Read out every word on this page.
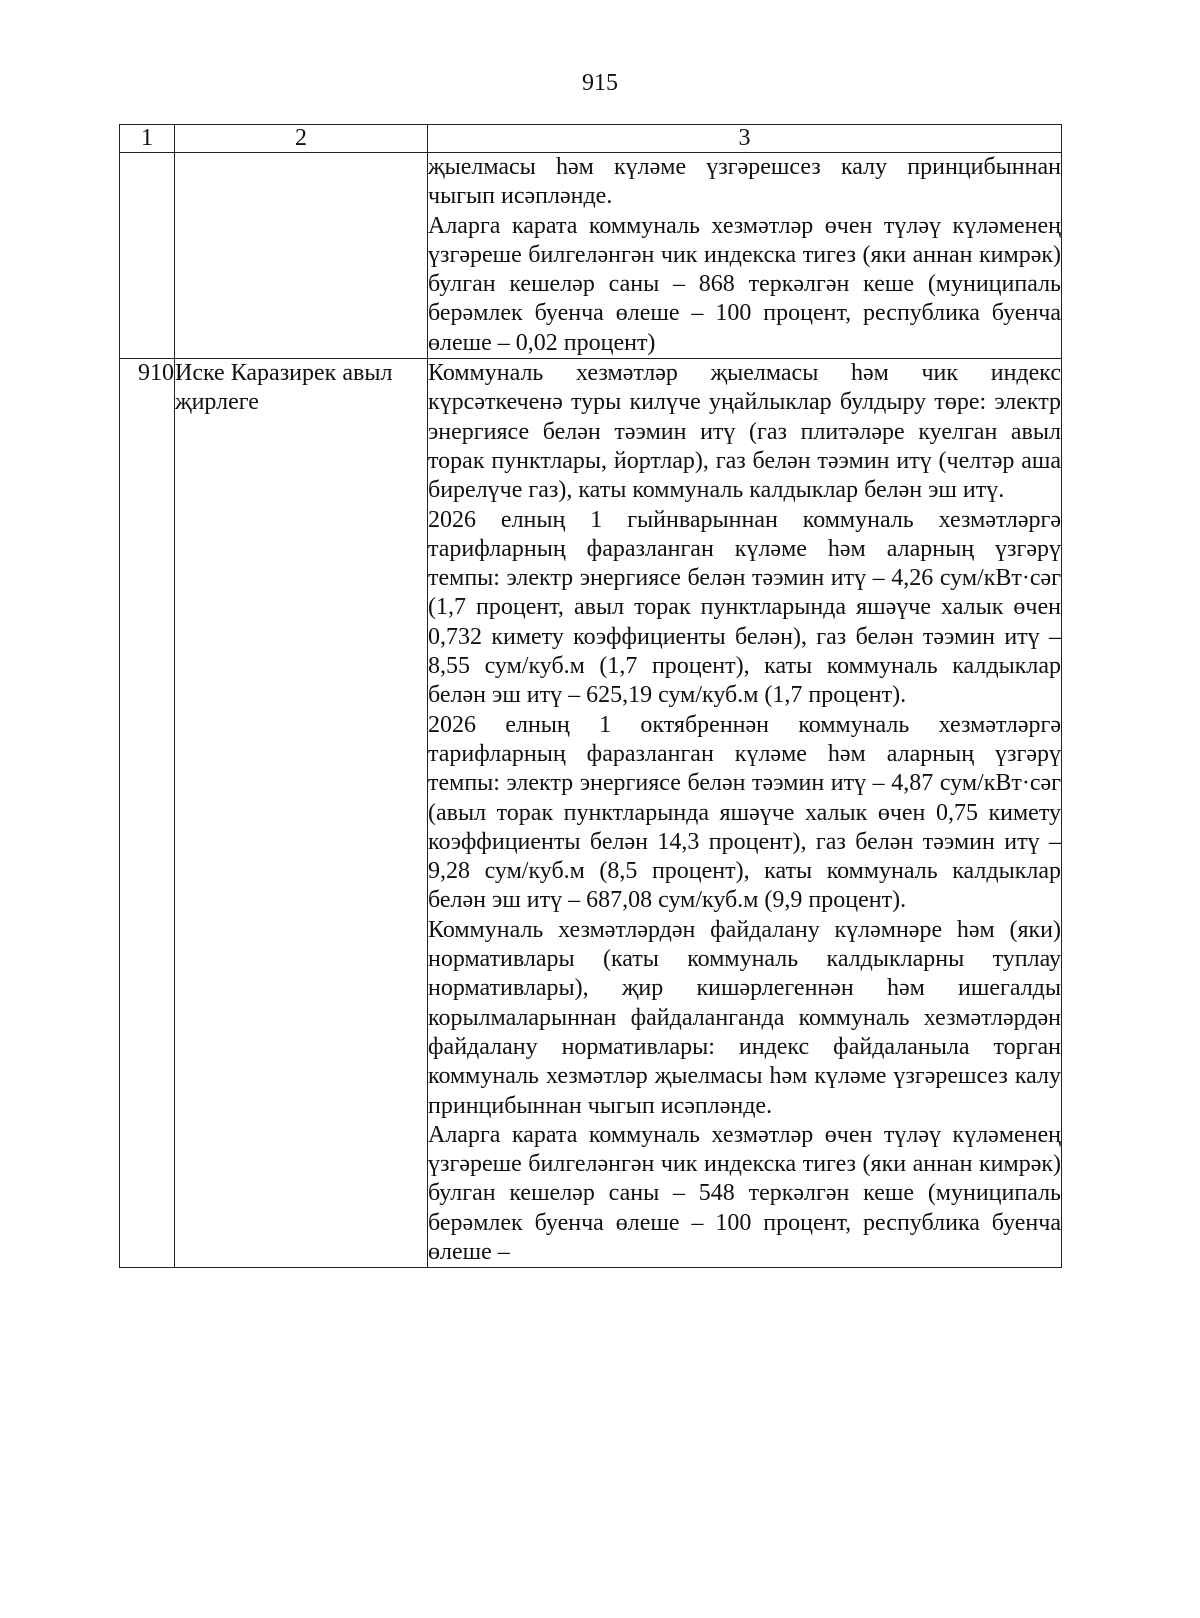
915
1	2	3

		җыелмасы һәм күләме үзгәрешсез калу принцибыннан чыгып исәпләнде.

Аларга карата коммуналь хезмәтләр өчен түләү күләменең үзгәреше билгеләнгән чик индекска тигез (яки аннан кимрәк) булган кешеләр саны – 868 теркәлгән кеше (муниципаль берәмлек буенча өлеше – 100 процент, республика буенча өлеше – 0,02 процент)

910	Иске Каразирек авыл җирлеге	Коммуналь хезмәтләр җыелмасы һәм чик индекс күрсәткеченә туры килүче уңайлыклар булдыру төре: электр энергиясе белән тәэмин итү (газ плитәләре куелган авыл торак пунктлары, йортлар), газ белән тәэмин итү (челтәр аша бирелүче газ), каты коммуналь калдыклар белән эш итү.

2026 елның 1 гыйнварыннан коммуналь хезмәтләргә тарифларның фаразланган күләме һәм аларның үзгәрү темпы: электр энергиясе белән тәэмин итү – 4,26 сум/кВт·сәг (1,7 процент, авыл торак пунктларында яшәүче халык өчен 0,732 кимету коэффициенты белән), газ белән тәэмин итү – 8,55 сум/куб.м (1,7 процент), каты коммуналь калдыклар белән эш итү – 625,19 сум/куб.м (1,7 процент).

2026 елның 1 октябреннән коммуналь хезмәтләргә тарифларның фаразланган күләме һәм аларның үзгәрү темпы: электр энергиясе белән тәэмин итү – 4,87 сум/кВт·сәг (авыл торак пунктларында яшәүче халык өчен 0,75 кимету коэффициенты белән 14,3 процент), газ белән тәэмин итү – 9,28 сум/куб.м (8,5 процент), каты коммуналь калдыклар белән эш итү – 687,08 сум/куб.м (9,9 процент).

Коммуналь хезмәтләрдән файдалану күләмнәре һәм (яки) нормативлары (каты коммуналь калдыкларны туплау нормативлары), җир кишәрлегеннән һәм ишегалды корылмаларыннан файдаланганда коммуналь хезмәтләрдән файдалану нормативлары: индекс файдаланыла торган коммуналь хезмәтләр җыелмасы һәм күләме үзгәрешсез калу принцибыннан чыгып исәпләнде.

Аларга карата коммуналь хезмәтләр өчен түләү күләменең үзгәреше билгеләнгән чик индекска тигез (яки аннан кимрәк) булган кешеләр саны – 548 теркәлгән кеше (муниципаль берәмлек буенча өлеше – 100 процент, республика буенча өлеше –
